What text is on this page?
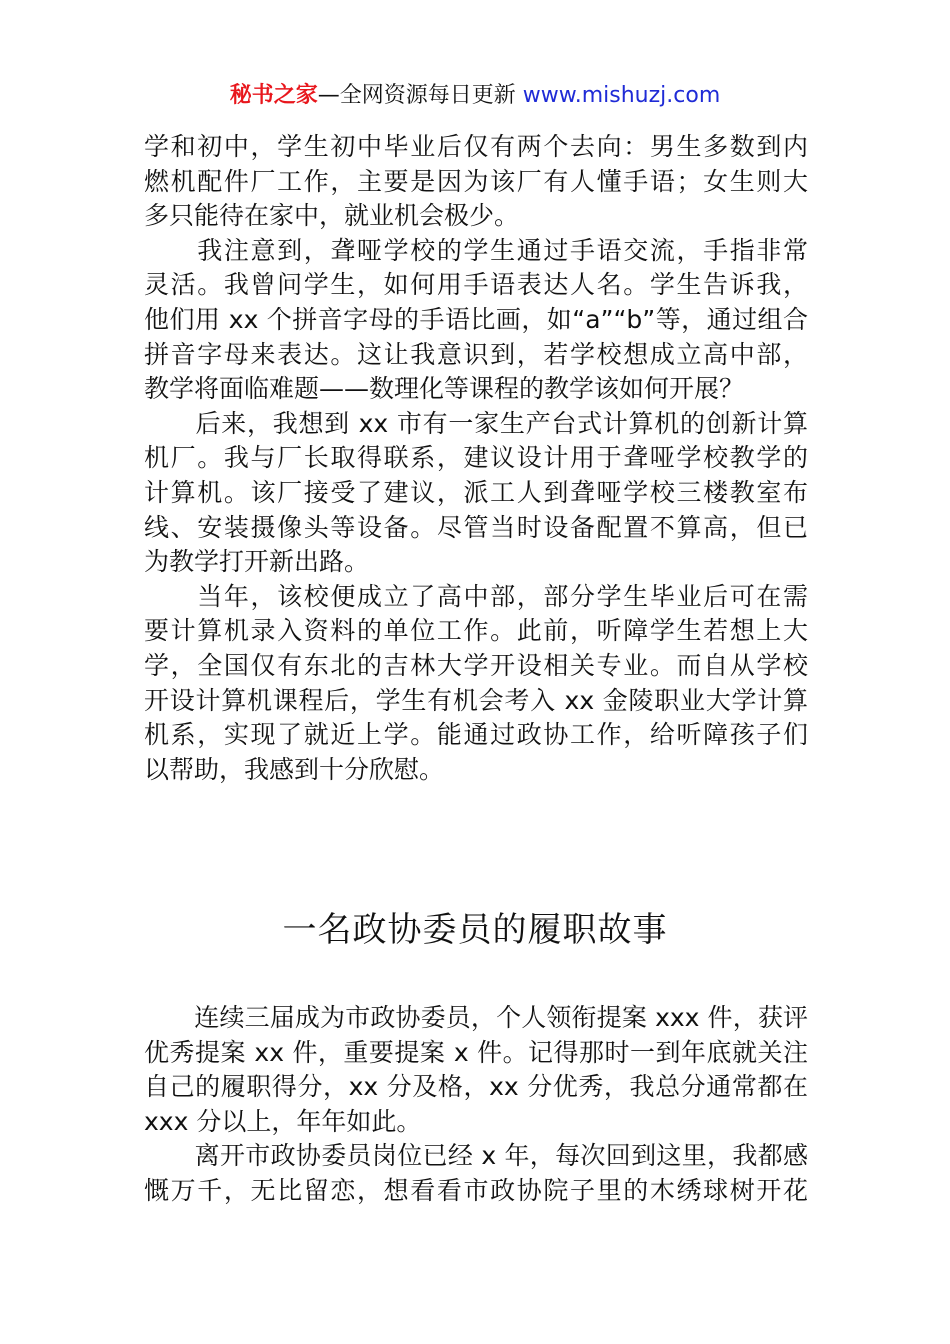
秘书之家—全网资源每日更新 www.mishuzj.com
学和初中，学生初中毕业后仅有两个去向：男生多数到内
燃机配件厂工作，主要是因为该厂有人懂手语；女生则大
多只能待在家中，就业机会极少。
　　我注意到，聋哑学校的学生通过手语交流，手指非常
灵活。我曾问学生，如何用手语表达人名。学生告诉我，
他们用 xx 个拼音字母的手语比画，如“a”“b”等，通过组合
拼音字母来表达。这让我意识到，若学校想成立高中部，
教学将面临难题——数理化等课程的教学该如何开展？
　　后来，我想到 xx 市有一家生产台式计算机的创新计算
机厂。我与厂长取得联系，建议设计用于聋哑学校教学的
计算机。该厂接受了建议，派工人到聋哑学校三楼教室布
线、安装摄像头等设备。尽管当时设备配置不算高，但已
为教学打开新出路。
　　当年，该校便成立了高中部，部分学生毕业后可在需
要计算机录入资料的单位工作。此前，听障学生若想上大
学，全国仅有东北的吉林大学开设相关专业。而自从学校
开设计算机课程后，学生有机会考入 xx 金陵职业大学计算
机系，实现了就近上学。能通过政协工作，给听障孩子们
以帮助，我感到十分欣慰。
一名政协委员的履职故事
　　连续三届成为市政协委员，个人领衔提案 xxx 件，获评
优秀提案 xx 件，重要提案 x 件。记得那时一到年底就关注
自己的履职得分，xx 分及格，xx 分优秀，我总分通常都在
xxx 分以上，年年如此。
　　离开市政协委员岗位已经 x 年，每次回到这里，我都感
慨万千，无比留恋，想看看市政协院子里的木绣球树开花
